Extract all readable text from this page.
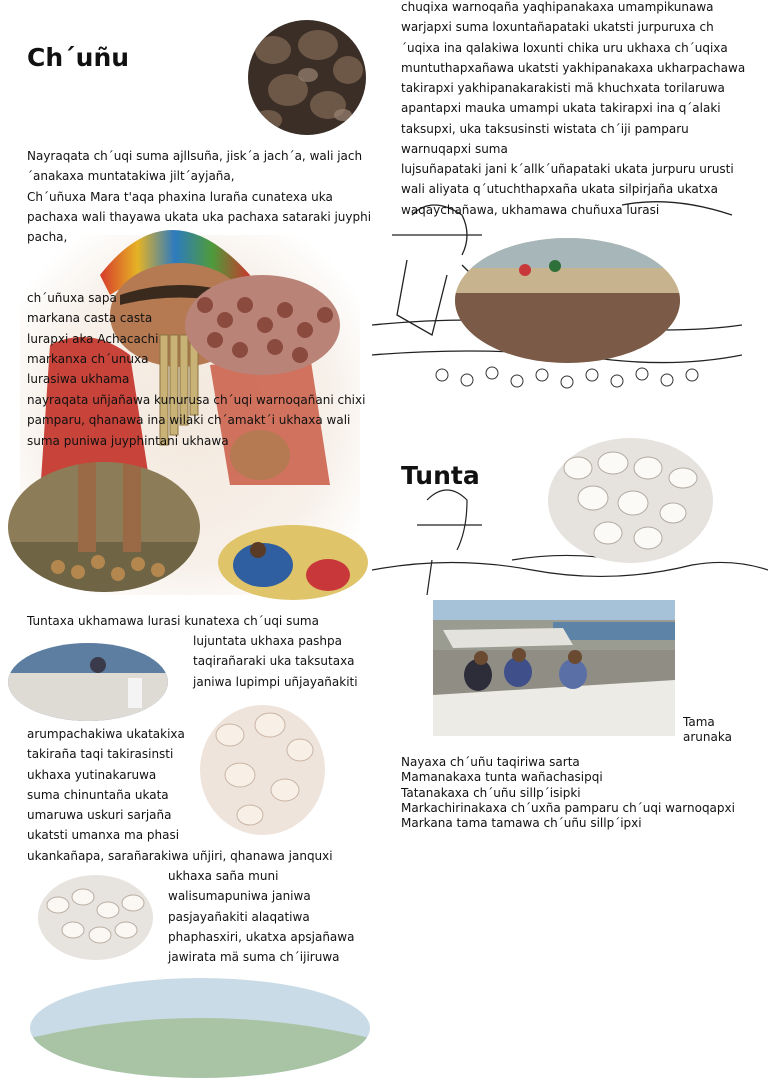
Ch´uñu
Nayraqata ch´uqi suma ajllsuña, jisk´a jach´a, wali jach
´anakaxa muntatakiwa jilt´ayjaña,
Ch´uñuxa Mara t'aqa phaxina luraña cunatexa uka
pachaxa wali thayawa ukata uka pachaxa sataraki juyphi
pacha,
ch´uñuxa sapa
markana casta casta
lurapxi aka Achacachi
markanxa ch´unuxa
lurasiwa ukhama
nayraqata uñjañawa kunurusa ch´uqi warnoqañani chixi
pamparu, qhanawa ina wilaki ch´amakt´i ukhaxa wali
suma puniwa juyphintani ukhawa
Tuntaxa ukhamawa lurasi kunatexa ch´uqi suma
lujuntata ukhaxa pashpa
taqirañaraki uka taksutaxa
janiwa lupimpi uñjayañakiti
arumpachakiwa ukatakixa
takiraña taqi takirasinsti
ukhaxa yutinakaruwa
suma chinuntaña ukata
umaruwa uskuri sarjaña
ukatsti umanxa ma phasi
ukankañapa, sarañarakiwa uñjiri, qhanawa janquxi
ukhaxa saña muni
walisumapuniwa janiwa
pasjayañakiti alaqatiwa
phaphasxiri, ukatxa apsjañawa
jawirata mä suma ch´ijiruwa
chuqixa warnoqaña yaqhipanakaxa umampikunawa
warjapxi suma loxuntañapataki ukatsti jurpuruxa ch
´uqixa ina qalakiwa loxunti chika uru ukhaxa ch´uqixa
muntuthapxañawa ukatsti yakhipanakaxa ukharpachawa
takirapxi yakhipanakarakisti mä khuchxata torilaruwa
apantapxi mauka umampi ukata takirapxi ina q´alaki
taksupxi, uka taksusinsti wistata ch´iji pamparu
warnuqapxi suma
lujsuñapataki jani k´allk´uñapataki ukata jurpuru urusti
wali aliyata q´utuchthapxaña ukata silpirjaña ukatxa
waqaychañawa, ukhamawa chuñuxa lurasi
Tunta
Tama
arunaka
Nayaxa ch´uñu taqiriwa sarta
Mamanakaxa tunta wañachasipqi
Tatanakaxa ch´uñu sillp´isipki
Markachirinakaxa ch´uxña pamparu ch´uqi warnoqapxi
Markana tama tamawa ch´uñu sillp´ipxi
